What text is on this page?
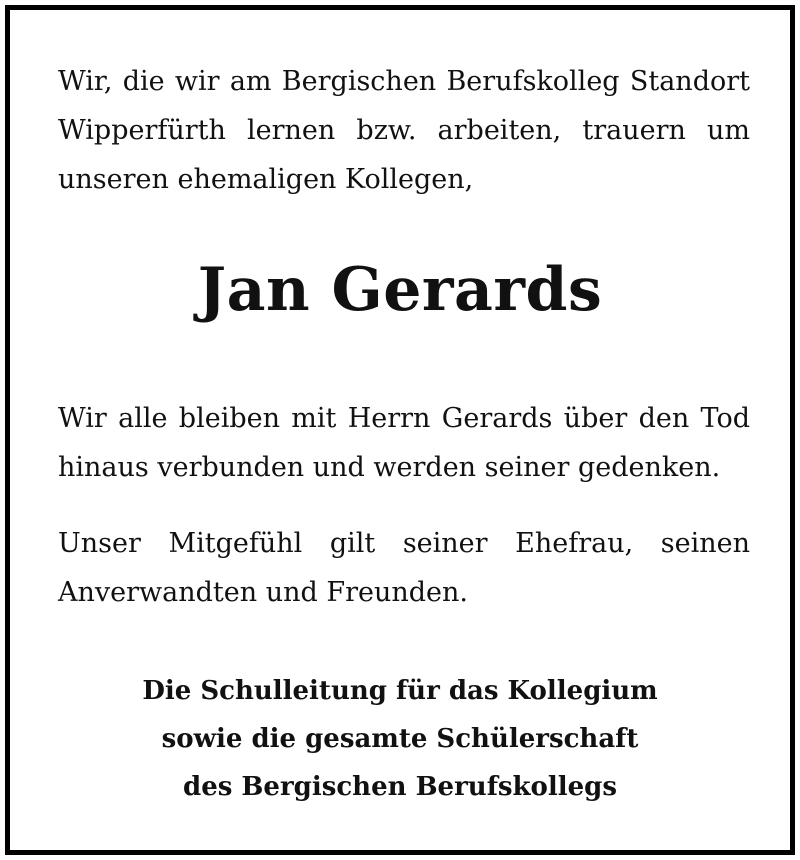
Wir, die wir am Bergischen Berufskolleg Standort Wipperfürth lernen bzw. arbeiten, trauern um unseren ehemaligen Kollegen,

Jan Gerards

Wir alle bleiben mit Herrn Gerards über den Tod hinaus verbunden und werden seiner gedenken.

Unser Mitgefühl gilt seiner Ehefrau, seinen Anverwandten und Freunden.

Die Schulleitung für das Kollegium
sowie die gesamte Schülerschaft
des Bergischen Berufskollegs
